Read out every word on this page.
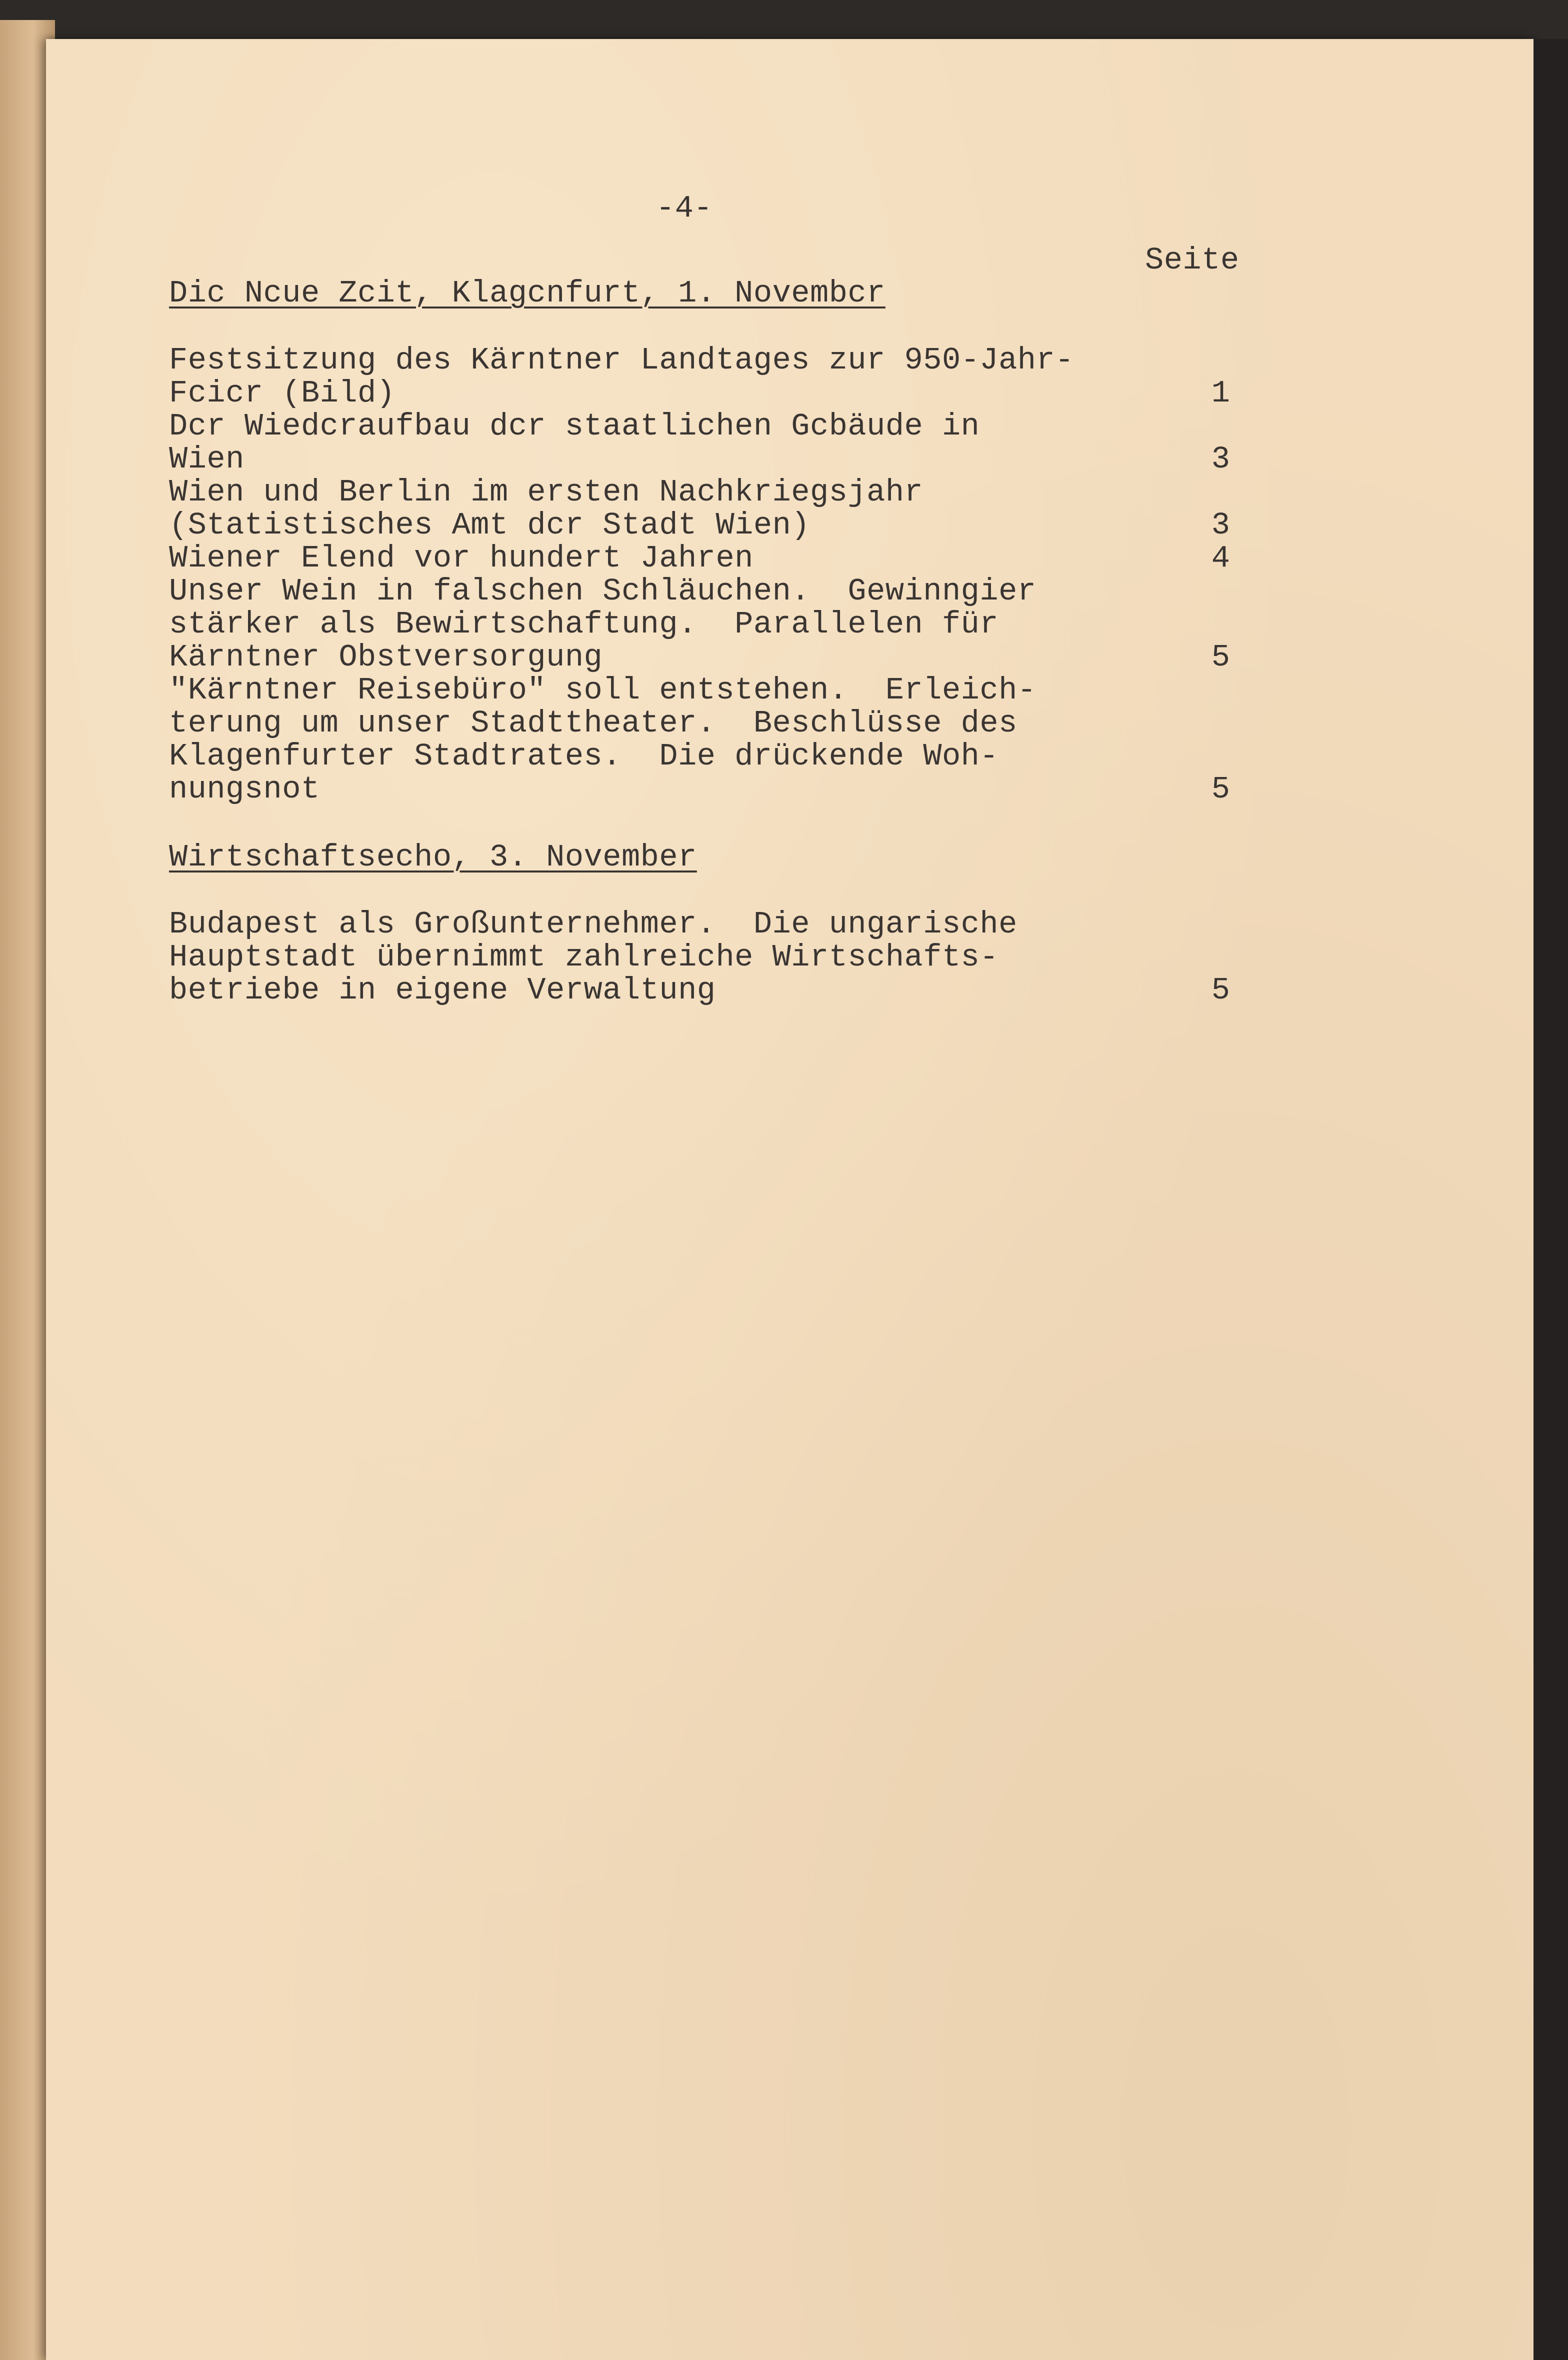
-4-
Seite
Dic Ncue Zcit, Klagcnfurt, 1. Novembcr
Festsitzung des Kärntner Landtages zur 950-Jahr-
Fcicr (Bild)	1
Dcr Wiedcraufbau dcr staatlichen Gcbäude in
Wien	3
Wien und Berlin im ersten Nachkriegsjahr
(Statistisches Amt dcr Stadt Wien)	3
Wiener Elend vor hundert Jahren	4
Unser Wein in falschen Schläuchen.  Gewinngier
stärker als Bewirtschaftung.  Parallelen für
Kärntner Obstversorgung	5
"Kärntner Reisebüro" soll entstehen.  Erleich-
terung um unser Stadttheater.  Beschlüsse des
Klagenfurter Stadtrates.  Die drückende Woh-
nungsnot	5
Wirtschaftsecho, 3. November
Budapest als Großunternehmer.  Die ungarische
Hauptstadt übernimmt zahlreiche Wirtschafts-
betriebe in eigene Verwaltung	5
